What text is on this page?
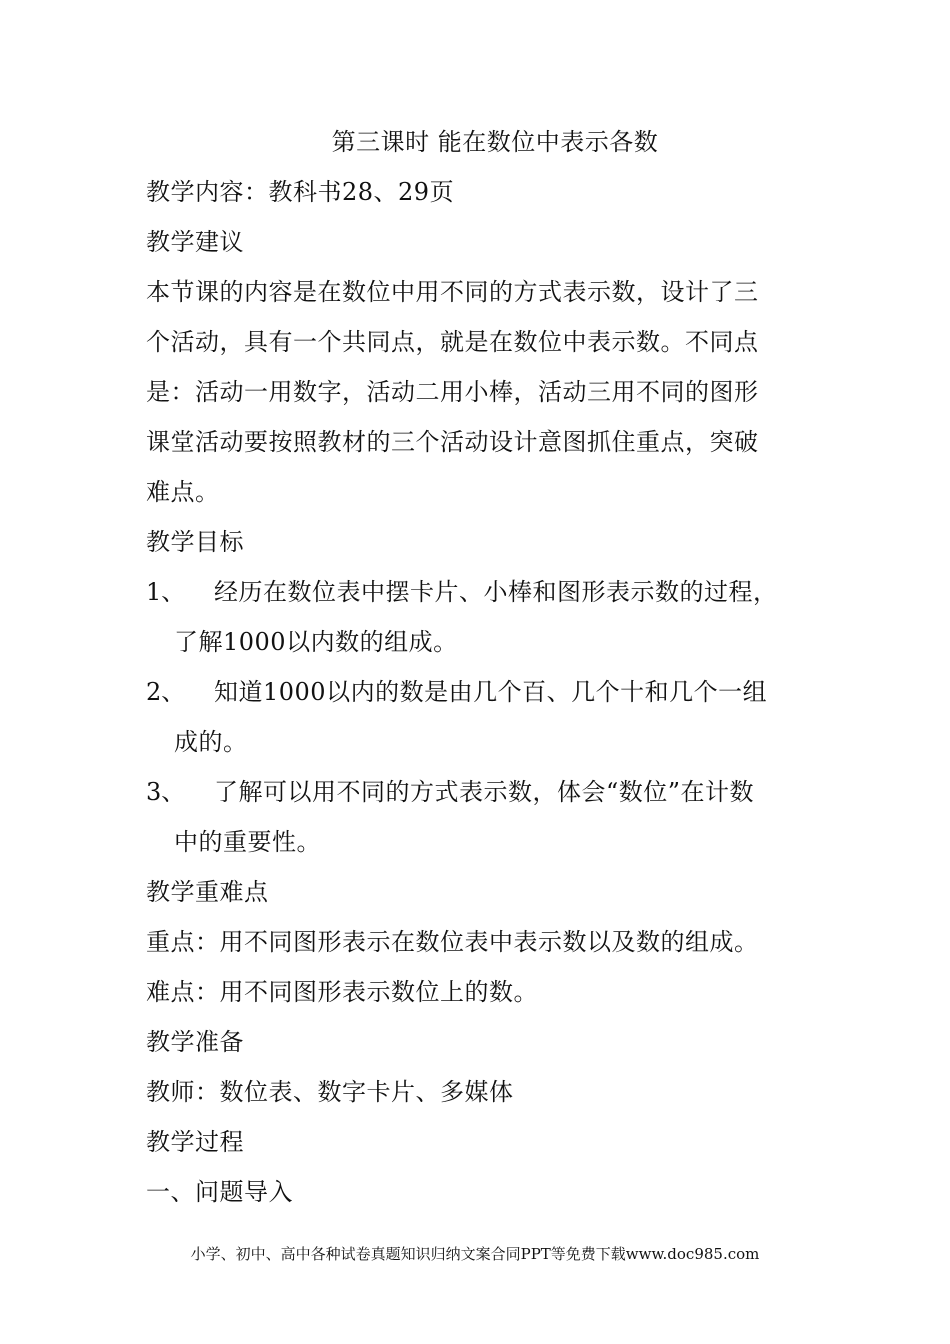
第三课时 能在数位中表示各数
教学内容：教科书28、29页
教学建议
本节课的内容是在数位中用不同的方式表示数，设计了三
个活动，具有一个共同点，就是在数位中表示数。不同点
是：活动一用数字，活动二用小棒，活动三用不同的图形
课堂活动要按照教材的三个活动设计意图抓住重点，突破
难点。
教学目标
1、 经历在数位表中摆卡片、小棒和图形表示数的过程，
了解1000以内数的组成。
2、 知道1000以内的数是由几个百、几个十和几个一组
成的。
3、 了解可以用不同的方式表示数，体会“数位”在计数
中的重要性。
教学重难点
重点：用不同图形表示在数位表中表示数以及数的组成。
难点：用不同图形表示数位上的数。
教学准备
教师：数位表、数字卡片、多媒体
教学过程
一、问题导入
小学、初中、高中各种试卷真题知识归纳文案合同PPT等免费下载www.doc985.com
